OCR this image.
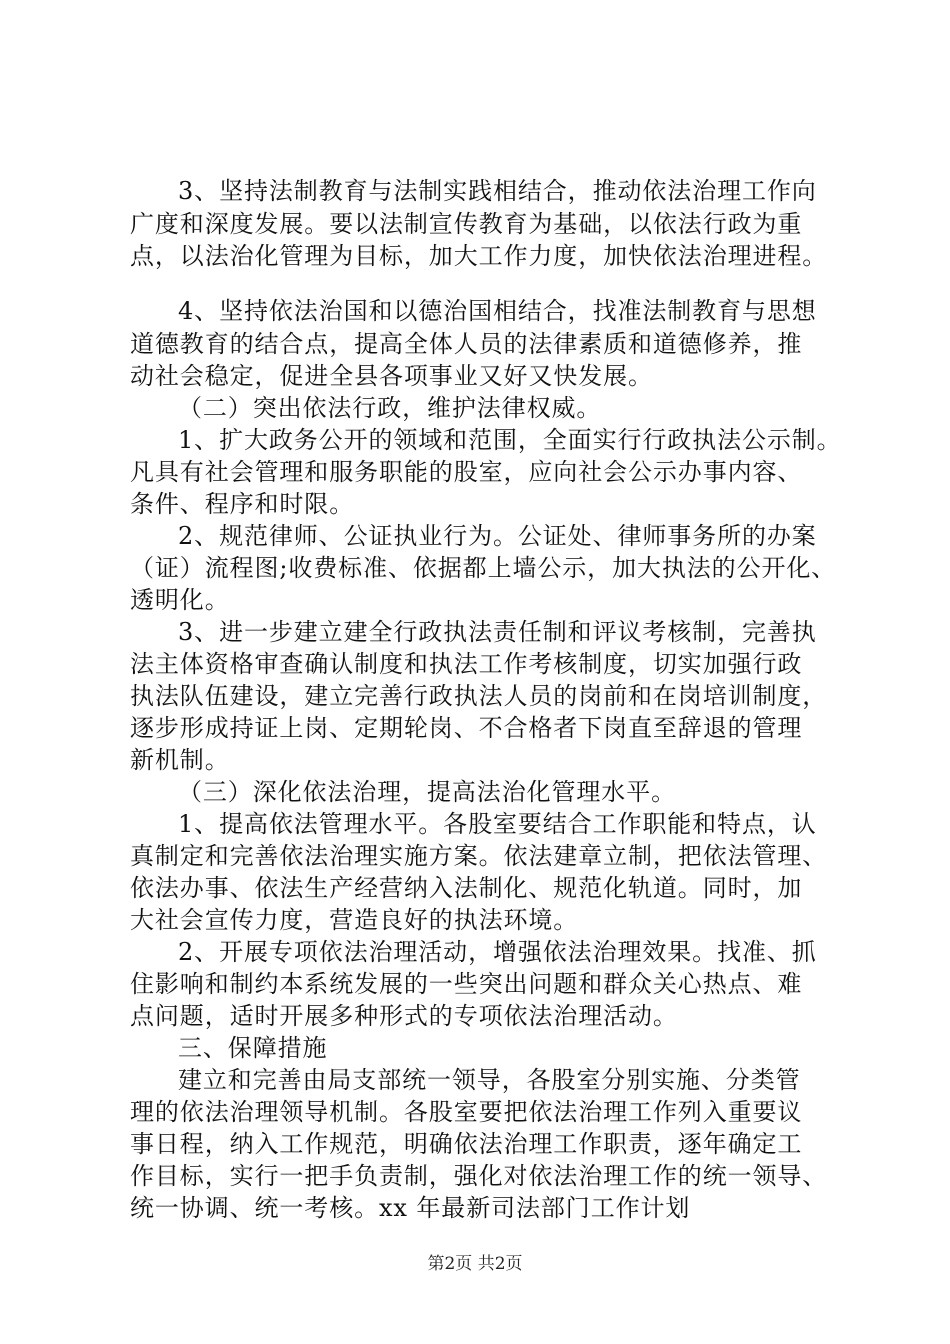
3、坚持法制教育与法制实践相结合，推动依法治理工作向
广度和深度发展。要以法制宣传教育为基础，以依法行政为重
点，以法治化管理为目标，加大工作力度，加快依法治理进程。
4、坚持依法治国和以德治国相结合，找准法制教育与思想
道德教育的结合点，提高全体人员的法律素质和道德修养，推
动社会稳定，促进全县各项事业又好又快发展。
（二）突出依法行政，维护法律权威。
1、扩大政务公开的领域和范围，全面实行行政执法公示制。
凡具有社会管理和服务职能的股室，应向社会公示办事内容、
条件、程序和时限。
2、规范律师、公证执业行为。公证处、律师事务所的办案
（证）流程图;收费标准、依据都上墙公示，加大执法的公开化、
透明化。
3、进一步建立建全行政执法责任制和评议考核制，完善执
法主体资格审查确认制度和执法工作考核制度，切实加强行政
执法队伍建设，建立完善行政执法人员的岗前和在岗培训制度，
逐步形成持证上岗、定期轮岗、不合格者下岗直至辞退的管理
新机制。
（三）深化依法治理，提高法治化管理水平。
1、提高依法管理水平。各股室要结合工作职能和特点，认
真制定和完善依法治理实施方案。依法建章立制，把依法管理、
依法办事、依法生产经营纳入法制化、规范化轨道。同时，加
大社会宣传力度，营造良好的执法环境。
2、开展专项依法治理活动，增强依法治理效果。找准、抓
住影响和制约本系统发展的一些突出问题和群众关心热点、难
点问题，适时开展多种形式的专项依法治理活动。
三、保障措施
建立和完善由局支部统一领导，各股室分别实施、分类管
理的依法治理领导机制。各股室要把依法治理工作列入重要议
事日程，纳入工作规范，明确依法治理工作职责，逐年确定工
作目标，实行一把手负责制，强化对依法治理工作的统一领导、
统一协调、统一考核。xx 年最新司法部门工作计划
第2页 共2页
